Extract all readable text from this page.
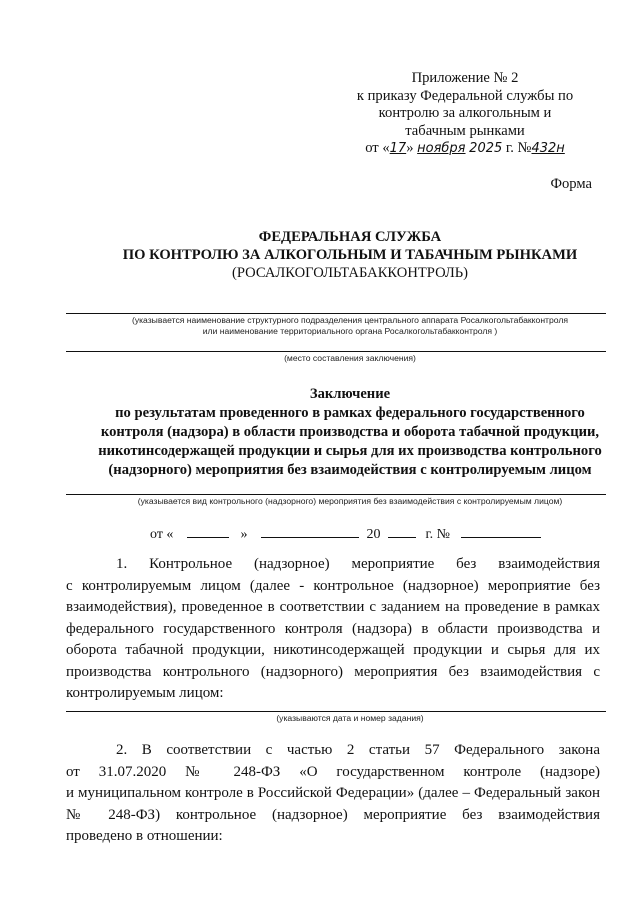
Приложение № 2
к приказу Федеральной службы по
контролю за алкогольным и
табачным рынками
от «17» ноября 2025 г. №432н
Форма
ФЕДЕРАЛЬНАЯ СЛУЖБА
ПО КОНТРОЛЮ ЗА АЛКОГОЛЬНЫМ И ТАБАЧНЫМ РЫНКАМИ
(РОСАЛКОГОЛЬТАБАККОНТРОЛЬ)
(указывается наименование структурного подразделения центрального аппарата Росалкогольтабакконтроля
или наименование территориального органа Росалкогольтабакконтроля )
(место составления заключения)
Заключение
по результатам проведенного в рамках федерального государственного
контроля (надзора) в области производства и оборота табачной продукции,
никотинсодержащей продукции и сырья для их производства контрольного
(надзорного) мероприятия без взаимодействия с контролируемым лицом
(указывается вид контрольного (надзорного) мероприятия без взаимодействия с контролируемым лицом)
от «	»	20	г. №
1. Контрольное (надзорное) мероприятие без взаимодействия
с контролируемым лицом (далее - контрольное (надзорное) мероприятие без
взаимодействия), проведенное в соответствии с заданием на проведение в рамках
федерального государственного контроля (надзора) в области производства и
оборота табачной продукции, никотинсодержащей продукции и сырья для их
производства контрольного (надзорного) мероприятия без взаимодействия с
контролируемым лицом:
(указываются дата и номер задания)
2. В соответствии с частью 2 статьи 57 Федерального закона
от 31.07.2020 № 248-ФЗ «О государственном контроле (надзоре)
и муниципальном контроле в Российской Федерации» (далее – Федеральный закон
№ 248-ФЗ) контрольное (надзорное) мероприятие без взаимодействия
проведено в отношении:
